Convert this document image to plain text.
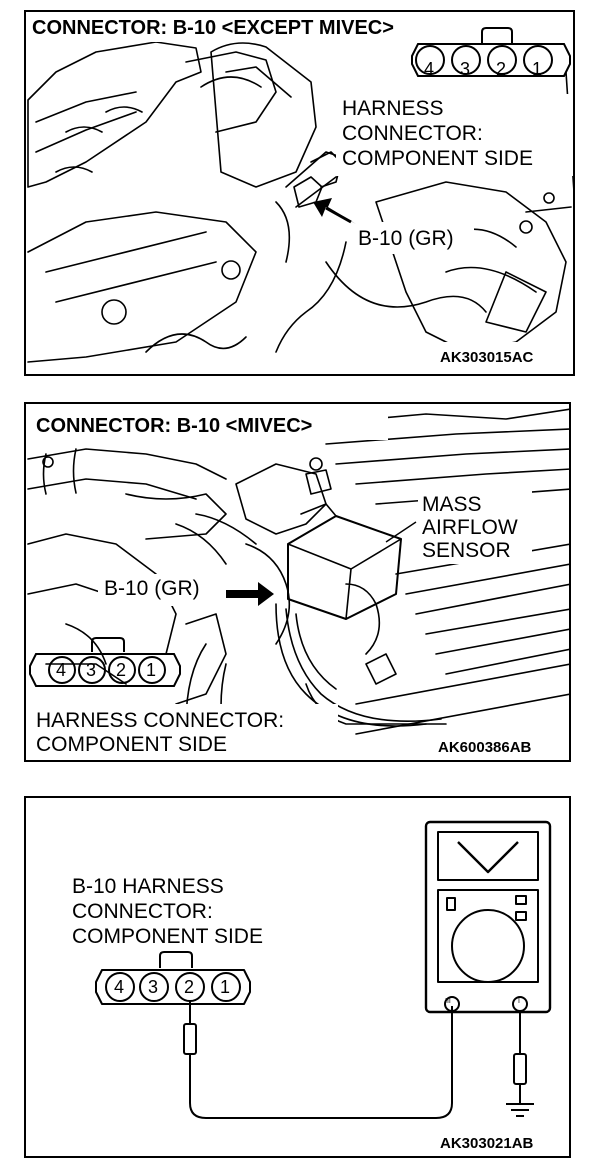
CONNECTOR: B-10 <EXCEPT MIVEC>
4 3 2 1
HARNESS
CONNECTOR:
COMPONENT SIDE
B-10 (GR)
AK303015AC
CONNECTOR: B-10 <MIVEC>
MASS
AIRFLOW
SENSOR
B-10 (GR)
4 3 2 1
HARNESS CONNECTOR:
COMPONENT SIDE	AK600386AB
B-10 HARNESS
CONNECTOR:
COMPONENT SIDE
4 3 2 1
ΙΙΙ	Ι
AK303021AB
